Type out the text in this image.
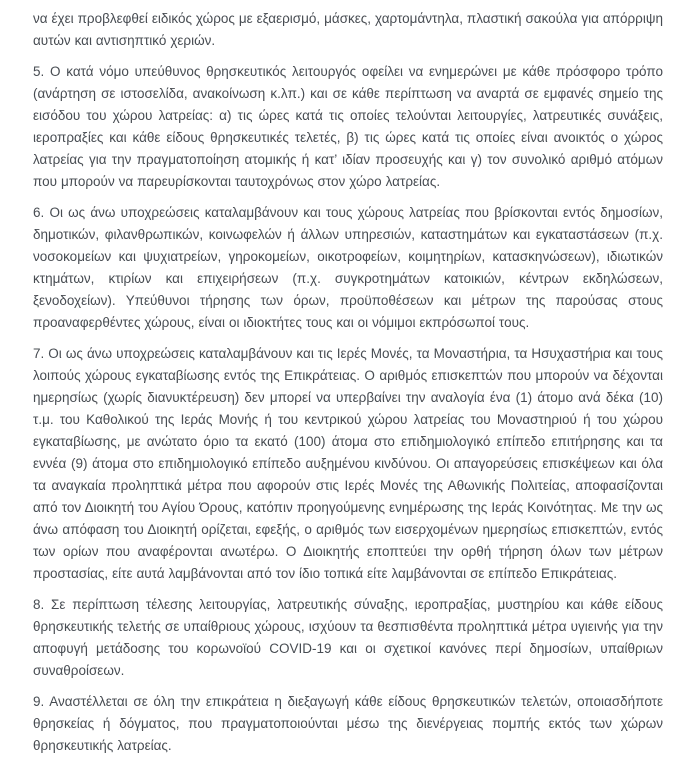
να έχει προβλεφθεί ειδικός χώρος με εξαερισμό, μάσκες, χαρτομάντηλα, πλαστική σακούλα για απόρριψη αυτών και αντισηπτικό χεριών.

5. Ο κατά νόμο υπεύθυνος θρησκευτικός λειτουργός οφείλει να ενημερώνει με κάθε πρόσφορο τρόπο (ανάρτηση σε ιστοσελίδα, ανακοίνωση κ.λπ.) και σε κάθε περίπτωση να αναρτά σε εμφανές σημείο της εισόδου του χώρου λατρείας: α) τις ώρες κατά τις οποίες τελούνται λειτουργίες, λατρευτικές συνάξεις, ιεροπραξίες και κάθε είδους θρησκευτικές τελετές, β) τις ώρες κατά τις οποίες είναι ανοικτός ο χώρος λατρείας για την πραγματοποίηση ατομικής ή κατ’ ιδίαν προσευχής και γ) τον συνολικό αριθμό ατόμων που μπορούν να παρευρίσκονται ταυτοχρόνως στον χώρο λατρείας.

6. Οι ως άνω υποχρεώσεις καταλαμβάνουν και τους χώρους λατρείας που βρίσκονται εντός δημοσίων, δημοτικών, φιλανθρωπικών, κοινωφελών ή άλλων υπηρεσιών, καταστημάτων και εγκαταστάσεων (π.χ. νοσοκομείων και ψυχιατρείων, γηροκομείων, οικοτροφείων, κοιμητηρίων, κατασκηνώσεων), ιδιωτικών κτημάτων, κτιρίων και επιχειρήσεων (π.χ. συγκροτημάτων κατοικιών, κέντρων εκδηλώσεων, ξενοδοχείων). Υπεύθυνοι τήρησης των όρων, προϋποθέσεων και μέτρων της παρούσας στους προαναφερθέντες χώρους, είναι οι ιδιοκτήτες τους και οι νόμιμοι εκπρόσωποί τους.

7. Οι ως άνω υποχρεώσεις καταλαμβάνουν και τις Ιερές Μονές, τα Μοναστήρια, τα Ησυχαστήρια και τους λοιπούς χώρους εγκαταβίωσης εντός της Επικράτειας. Ο αριθμός επισκεπτών που μπορούν να δέχονται ημερησίως (χωρίς διανυκτέρευση) δεν μπορεί να υπερβαίνει την αναλογία ένα (1) άτομο ανά δέκα (10) τ.μ. του Καθολικού της Ιεράς Μονής ή του κεντρικού χώρου λατρείας του Μοναστηριού ή του χώρου εγκαταβίωσης, με ανώτατο όριο τα εκατό (100) άτομα στο επιδημιολογικό επίπεδο επιτήρησης και τα εννέα (9) άτομα στο επιδημιολογικό επίπεδο αυξημένου κινδύνου. Οι απαγορεύσεις επισκέψεων και όλα τα αναγκαία προληπτικά μέτρα που αφορούν στις Ιερές Μονές της Αθωνικής Πολιτείας, αποφασίζονται από τον Διοικητή του Αγίου Όρους, κατόπιν προηγούμενης ενημέρωσης της Ιεράς Κοινότητας. Με την ως άνω απόφαση του Διοικητή ορίζεται, εφεξής, ο αριθμός των εισερχομένων ημερησίως επισκεπτών, εντός των ορίων που αναφέρονται ανωτέρω. Ο Διοικητής εποπτεύει την ορθή τήρηση όλων των μέτρων προστασίας, είτε αυτά λαμβάνονται από τον ίδιο τοπικά είτε λαμβάνονται σε επίπεδο Επικράτειας.

8. Σε περίπτωση τέλεσης λειτουργίας, λατρευτικής σύναξης, ιεροπραξίας, μυστηρίου και κάθε είδους θρησκευτικής τελετής σε υπαίθριους χώρους, ισχύουν τα θεσπισθέντα προληπτικά μέτρα υγιεινής για την αποφυγή μετάδοσης του κορωνοϊού COVID-19 και οι σχετικοί κανόνες περί δημοσίων, υπαίθριων συναθροίσεων.

9. Αναστέλλεται σε όλη την επικράτεια η διεξαγωγή κάθε είδους θρησκευτικών τελετών, οποιασδήποτε θρησκείας ή δόγματος, που πραγματοποιούνται μέσω της διενέργειας πομπής εκτός των χώρων θρησκευτικής λατρείας.
